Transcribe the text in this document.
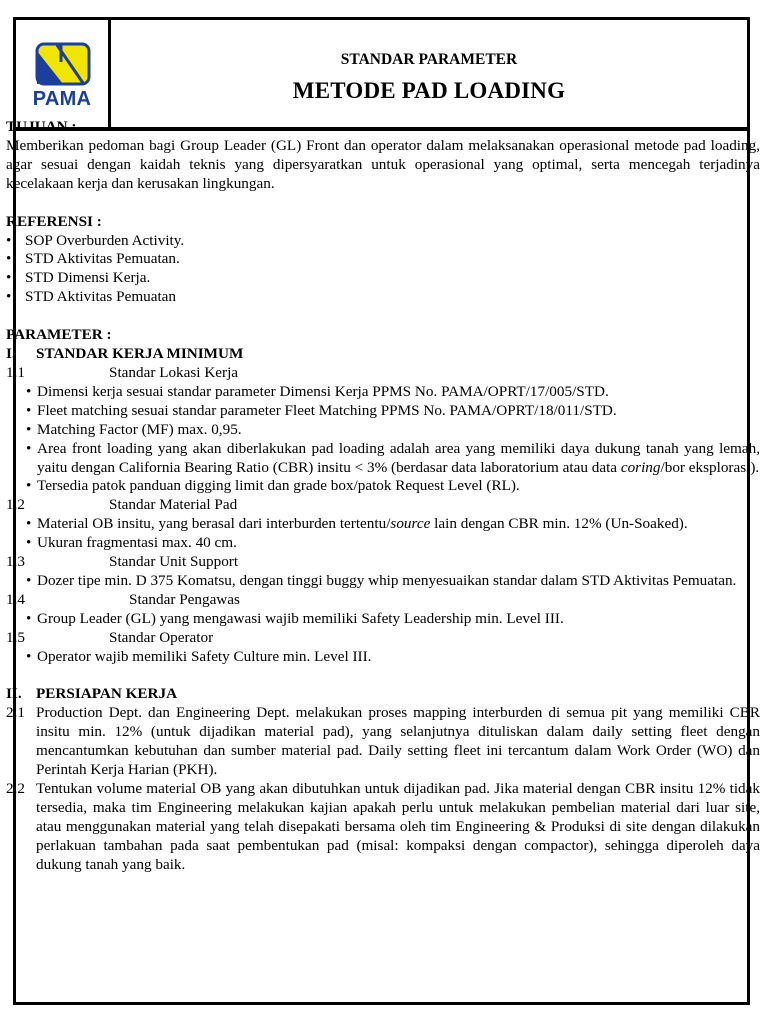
PAMA
STANDAR PARAMETER
METODE PAD LOADING
TUJUAN :
Memberikan pedoman bagi Group Leader (GL) Front dan operator dalam melaksanakan operasional metode pad loading, agar sesuai dengan kaidah teknis yang dipersyaratkan untuk operasional yang optimal, serta mencegah terjadinya kecelakaan kerja dan kerusakan lingkungan.
REFERENSI :
• SOP Overburden Activity.
• STD Aktivitas Pemuatan.
• STD Dimensi Kerja.
• STD Aktivitas Pemuatan
PARAMETER :
I. STANDAR KERJA MINIMUM
1.1	Standar Lokasi Kerja
• Dimensi kerja sesuai standar parameter Dimensi Kerja PPMS No. PAMA/OPRT/17/005/STD.
• Fleet matching sesuai standar parameter Fleet Matching PPMS No. PAMA/OPRT/18/011/STD.
• Matching Factor (MF) max. 0,95.
• Area front loading yang akan diberlakukan pad loading adalah area yang memiliki daya dukung tanah yang lemah, yaitu dengan California Bearing Ratio (CBR) insitu < 3% (berdasar data laboratorium atau data coring/bor eksplorasi).
• Tersedia patok panduan digging limit dan grade box/patok Request Level (RL).
1.2	Standar Material Pad
• Material OB insitu, yang berasal dari interburden tertentu/source lain dengan CBR min. 12% (Un-Soaked).
• Ukuran fragmentasi max. 40 cm.
1.3	Standar Unit Support
• Dozer tipe min. D 375 Komatsu, dengan tinggi buggy whip menyesuaikan standar dalam STD Aktivitas Pemuatan.
1.4	Standar Pengawas
• Group Leader (GL) yang mengawasi wajib memiliki Safety Leadership min. Level III.
1.5	Standar Operator
• Operator wajib memiliki Safety Culture min. Level III.
II. PERSIAPAN KERJA
2.1 Production Dept. dan Engineering Dept. melakukan proses mapping interburden di semua pit yang memiliki CBR insitu min. 12% (untuk dijadikan material pad), yang selanjutnya dituliskan dalam daily setting fleet dengan mencantumkan kebutuhan dan sumber material pad. Daily setting fleet ini tercantum dalam Work Order (WO) dan Perintah Kerja Harian (PKH).
2.2 Tentukan volume material OB yang akan dibutuhkan untuk dijadikan pad. Jika material dengan CBR insitu 12% tidak tersedia, maka tim Engineering melakukan kajian apakah perlu untuk melakukan pembelian material dari luar site, atau menggunakan material yang telah disepakati bersama oleh tim Engineering & Produksi di site dengan dilakukan perlakuan tambahan pada saat pembentukan pad (misal: kompaksi dengan compactor), sehingga diperoleh daya dukung tanah yang baik.
